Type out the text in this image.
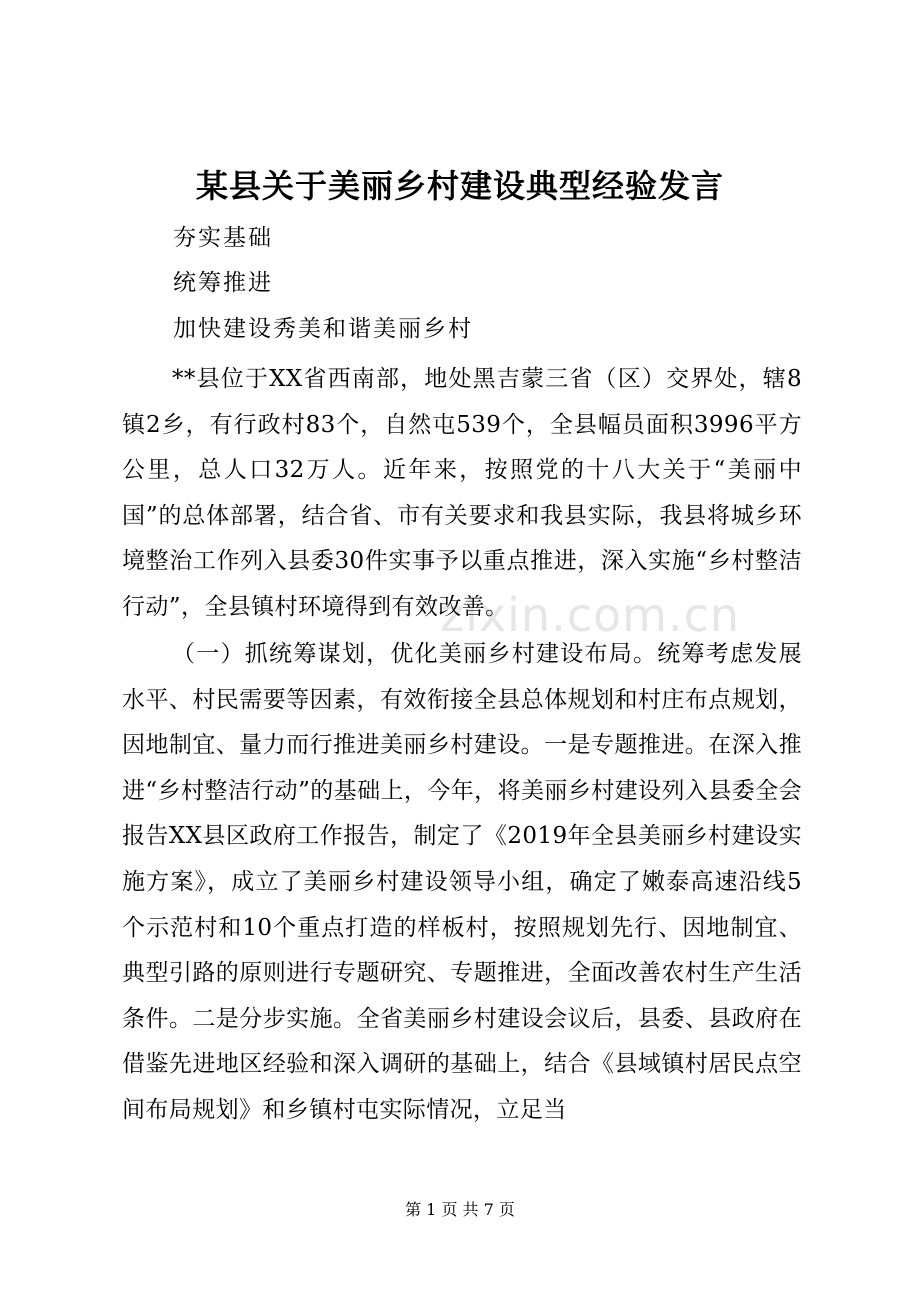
zixin.com.cn
某县关于美丽乡村建设典型经验发言
夯实基础
统筹推进
加快建设秀美和谐美丽乡村
**县位于XX省西南部，地处黑吉蒙三省（区）交界处，辖8镇2乡，有行政村83个，自然屯539个，全县幅员面积3996平方公里，总人口32万人。近年来，按照党的十八大关于“美丽中国”的总体部署，结合省、市有关要求和我县实际，我县将城乡环境整治工作列入县委30件实事予以重点推进，深入实施“乡村整洁行动”，全县镇村环境得到有效改善。
（一）抓统筹谋划，优化美丽乡村建设布局。统筹考虑发展水平、村民需要等因素，有效衔接全县总体规划和村庄布点规划，因地制宜、量力而行推进美丽乡村建设。一是专题推进。在深入推进“乡村整洁行动”的基础上，今年，将美丽乡村建设列入县委全会报告XX县区政府工作报告，制定了《2019年全县美丽乡村建设实施方案》，成立了美丽乡村建设领导小组，确定了嫩泰高速沿线5个示范村和10个重点打造的样板村，按照规划先行、因地制宜、典型引路的原则进行专题研究、专题推进，全面改善农村生产生活条件。二是分步实施。全省美丽乡村建设会议后，县委、县政府在借鉴先进地区经验和深入调研的基础上，结合《县域镇村居民点空间布局规划》和乡镇村屯实际情况，立足当
第 1 页 共 7 页
